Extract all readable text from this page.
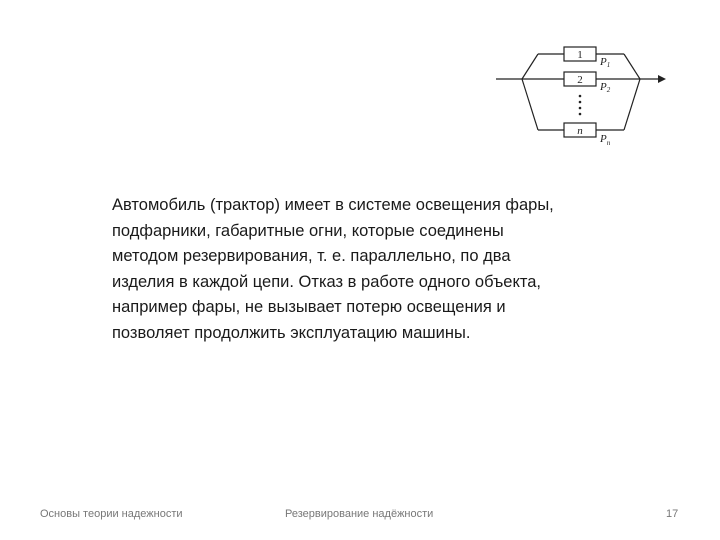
1
2
n
P1
P2
$P_n$
Автомобиль (трактор) имеет в системе освещения фары,
подфарники, габаритные огни, которые соединены
методом резервирования, т. е. параллельно, по два
изделия в каждой цепи. Отказ в работе одного объекта,
например фары, не вызывает потерю освещения и
позволяет продолжить эксплуатацию машины.
Основы теории надежности	Резервирование надёжности	17
